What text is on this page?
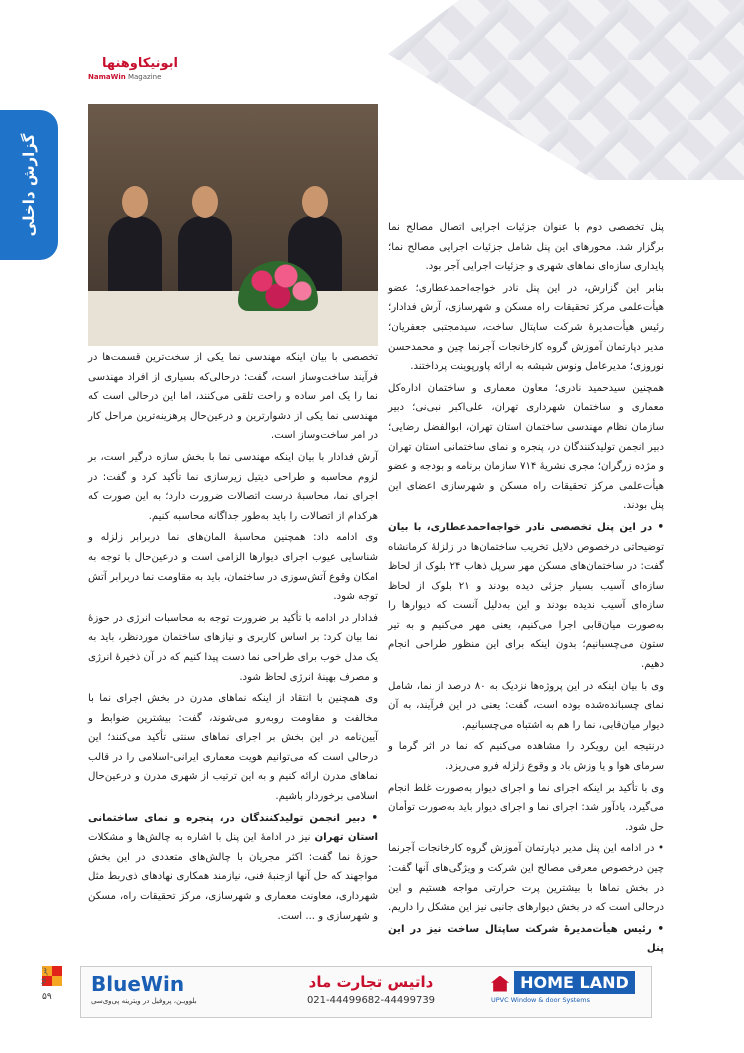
ابونیکاوهنها
NamaWin Magazine
گزارش داخلی	پنل تخصصی دوم با عنوان جزئیات اجرایی اتصال مصالح نما برگزار شد. محورهای این پنل شامل جزئیات اجرایی مصالح نما؛ پایداری سازه‌ای نماهای شهری و جزئیات اجرایی آجر بود.

بنابر این گزارش، در این پنل نادر خواجه‌احمدعطاری؛ عضو هیأت‌علمی مرکز تحقیقات راه مسکن و شهرسازی، آرش فدادار؛ رئیس هیأت‌مدیرۀ شرکت ساپتال ساخت، سید‌مجتبی جعفریان؛ مدیر دپارتمان آموزش گروه کارخانجات آجرنما چین و محمدحسن نوروزی؛ مدیرعامل ونوس شیشه به ارائه پاورپوینت پرداختند.

همچنین سید‌حمید نادری؛ معاون معماری و ساختمان اداره‌کل معماری و ساختمان شهرداری تهران، علی‌اکبر نبی‌نی؛ دبیر سازمان نظام مهندسی ساختمان استان تهران، ابوالفضل رضایی؛ دبیر انجمن تولیدکنندگان در، پنجره و نمای ساختمانی استان تهران و مژده زرگران؛ مجری نشریۀ ۷۱۴ سازمان برنامه و بودجه و عضو هیأت‌علمی مرکز تحقیقات راه مسکن و شهرسازی اعضای این پنل بودند.

• در این پنل تخصصی نادر خواجه‌احمدعطاری، با بیان توضیحاتی درخصوص دلایل تخریب ساختمان‌ها در زلزلۀ کرمانشاه گفت: در ساختمان‌های مسکن مهر سرپل ذهاب ۲۴ بلوک از لحاظ سازه‌ای آسیب بسیار جزئی دیده بودند و ۲۱ بلوک از لحاظ سازه‌ای آسیب ندیده بودند و این به‌دلیل آنست که دیوارها را به‌صورت میان‌قابی اجرا می‌کنیم، یعنی مهر می‌کنیم و به تیر ستون می‌چسبانیم؛ بدون اینکه برای این منظور طراحی انجام دهیم.

وی با بیان اینکه در این پروژه‌ها نزدیک به ۸۰ درصد از نما، شامل نمای چسبانده‌شده بوده است، گفت: یعنی در این فرآیند، به آن دیوار میان‌قابی، نما را هم به اشتباه می‌چسبانیم.

درنتیجه این رویکرد را مشاهده می‌کنیم که نما در اثر گرما و سرمای هوا و یا وزش باد و وقوع زلزله فرو می‌ریزد.

وی با تأکید بر اینکه اجرای نما و اجرای دیوار به‌صورت غلط انجام می‌گیرد، یادآور شد: اجرای نما و اجرای دیوار باید به‌صورت توأمان حل شود.

• در ادامه این پنل مدیر دپارتمان آموزش گروه کارخانجات آجرنما چین درخصوص معرفی مصالح این شرکت و ویژگی‌های آنها گفت: در بخش نماها با بیشترین پرت حرارتی مواجه هستیم و این درحالی است که در بخش دیوارهای جانبی نیز این مشکل را داریم.

• رئیس هیأت‌مدیرۀ شرکت ساپتال ساخت نیز در این پنل

تخصصی با بیان اینکه مهندسی نما یکی از سخت‌ترین قسمت‌ها در فرآیند ساخت‌وساز است، گفت: درحالی‌که بسیاری از افراد مهندسی نما را یک امر ساده و راحت تلقی می‌کنند، اما این درحالی است که مهندسی نما یکی از دشوارترین و درعین‌حال پرهزینه‌ترین مراحل کار در امر ساخت‌وساز است.

آرش فدادار با بیان اینکه مهندسی نما با بخش سازه درگیر است، بر لزوم محاسبه و طراحی دیتیل زیرسازی نما تأکید کرد و گفت: در اجرای نما، محاسبۀ درست اتصالات ضرورت دارد؛ به این صورت که هرکدام از اتصالات را باید به‌طور جداگانه محاسبه کنیم.

وی ادامه داد: همچنین محاسبۀ المان‌های نما دربرابر زلزله و شناسایی عیوب اجرای دیوارها الزامی است و درعین‌حال با توجه به امکان وقوع آتش‌سوزی در ساختمان، باید به مقاومت نما دربرابر آتش توجه شود.

فدادار در ادامه با تأکید بر ضرورت توجه به محاسبات انرژی در حوزۀ نما بیان کرد: بر اساس کاربری و نیازهای ساختمان موردنظر، باید به یک مدل خوب برای طراحی نما دست پیدا کنیم که در آن ذخیرۀ انرژی و مصرف بهینۀ انرژی لحاظ شود.

وی همچنین با انتقاد از اینکه نماهای مدرن در بخش اجرای نما با مخالفت و مقاومت روبه‌رو می‌شوند، گفت: بیشترین ضوابط و آیین‌نامه در این بخش بر اجرای نماهای سنتی تأکید می‌کنند؛ این درحالی است که می‌توانیم هویت معماری ایرانی-اسلامی را در قالب نماهای مدرن ارائه کنیم و به این ترتیب از شهری مدرن و درعین‌حال اسلامی برخوردار باشیم.

• دبیر انجمن تولیدکنندگان در، پنجره و نمای ساختمانی استان تهران نیز در ادامۀ این پنل با اشاره به چالش‌ها و مشکلات حوزۀ نما گفت: اکثر مجریان با چالش‌های متعددی در این بخش مواجهند که حل آنها ازجنبۀ فنی، نیازمند همکاری نهادهای ذی‌ربط مثل شهرداری، معاونت معماری و شهرسازی، مرکز تحقیقات راه، مسکن و شهرسازی و ... است.

تیر ۹۸
۵۹
BlueWin
بلوویـن، پروفیل در ویترینه پی‌وی‌سی
داتیس تجارت ماد
021-44499682-44499739
HOME LAND
UPVC Window & door Systems
